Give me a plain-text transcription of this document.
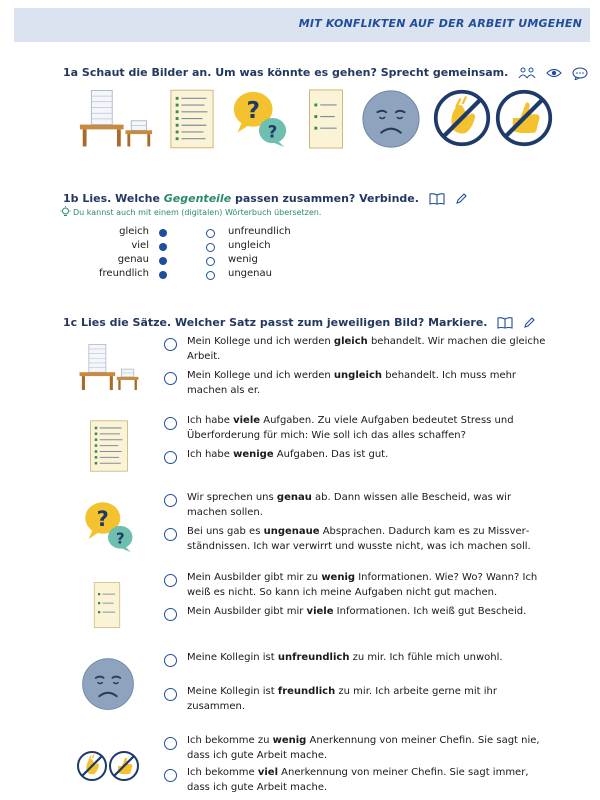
MIT KONFLIKTEN AUF DER ARBEIT UMGEHEN
1a Schaut die Bilder an. Um was könnte es gehen? Sprecht gemeinsam.
1b Lies. Welche Gegenteile passen zusammen? Verbinde.
Du kannst auch mit einem (digitalen) Wörterbuch übersetzen.
gleich
viel
genau
freundlich
unfreundlich
ungleich
wenig
ungenau
1c Lies die Sätze. Welcher Satz passt zum jeweiligen Bild? Markiere.
Mein Kollege und ich werden gleich behandelt. Wir machen die gleiche Arbeit.
Mein Kollege und ich werden ungleich behandelt. Ich muss mehr machen als er.
Ich habe viele Aufgaben. Zu viele Aufgaben bedeutet Stress und Überforderung für mich: Wie soll ich das alles schaffen?
Ich habe wenige Aufgaben. Das ist gut.
Wir sprechen uns genau ab. Dann wissen alle Bescheid, was wir machen sollen.
Bei uns gab es ungenaue Absprachen. Dadurch kam es zu Missverständnissen. Ich war verwirrt und wusste nicht, was ich machen soll.
Mein Ausbilder gibt mir zu wenig Informationen. Wie? Wo? Wann? Ich weiß es nicht. So kann ich meine Aufgaben nicht gut machen.
Mein Ausbilder gibt mir viele Informationen. Ich weiß gut Bescheid.
Meine Kollegin ist unfreundlich zu mir. Ich fühle mich unwohl.
Meine Kollegin ist freundlich zu mir. Ich arbeite gerne mit ihr zusammen.
Ich bekomme zu wenig Anerkennung von meiner Chefin. Sie sagt nie, dass ich gute Arbeit mache.
Ich bekomme viel Anerkennung von meiner Chefin. Sie sagt immer, dass ich gute Arbeit mache.
